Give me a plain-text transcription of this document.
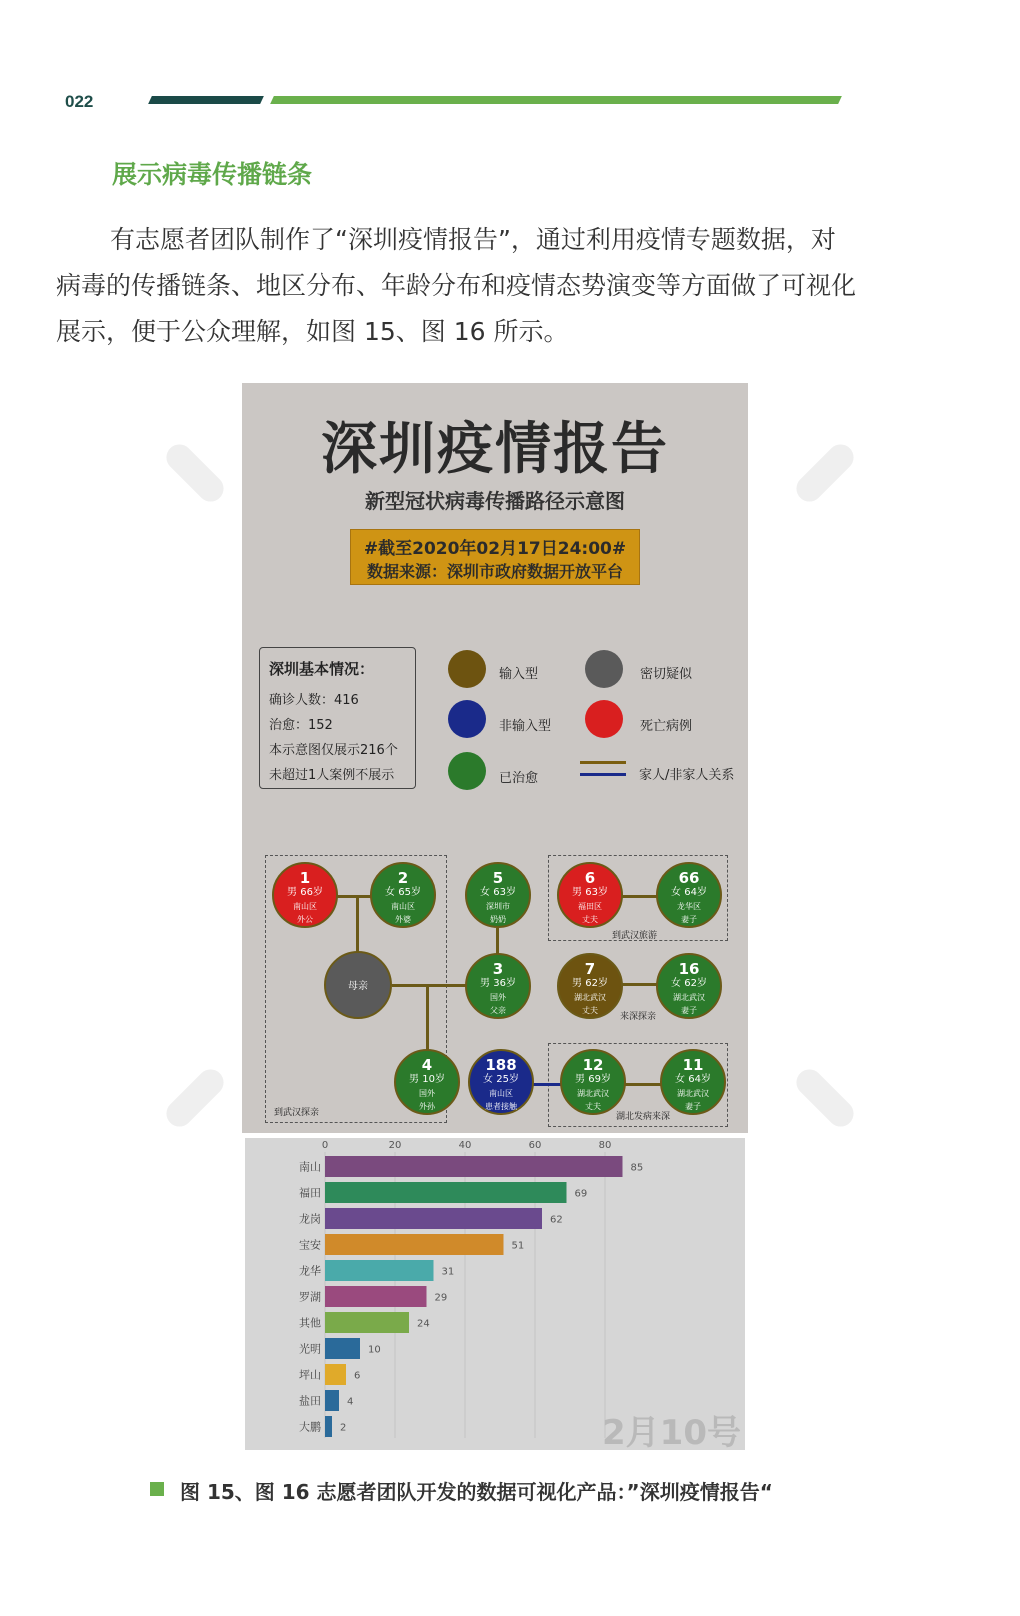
022
展示病毒传播链条
有志愿者团队制作了“深圳疫情报告”，通过利用疫情专题数据，对
病毒的传播链条、地区分布、年龄分布和疫情态势演变等方面做了可视化
展示，便于公众理解，如图 15、图 16 所示。
深圳疫情报告
新型冠状病毒传播路径示意图
#截至2020年02月17日24:00#
数据来源：深圳市政府数据开放平台
深圳基本情况：
确诊人数：416
治愈：152
本示意图仅展示216个
未超过1人案例不展示
输入型	密切疑似
非输入型	死亡病例
已治愈	家人/非家人关系
1
男 66岁
南山区
外公
2
女 65岁
南山区
外婆
5
女 63岁
深圳市
奶奶
6
男 63岁
福田区
丈夫
66
女 64岁
龙华区
妻子
到武汉旅游
母亲
3
男 36岁
国外
父亲
7
男 62岁
湖北武汉
丈夫
16
女 62岁
湖北武汉
妻子
来深探亲
4
男 10岁
国外
外孙
188
女 25岁
南山区
患者接触
12
男 69岁
湖北武汉
丈夫
11
女 64岁
湖北武汉
妻子
到武汉探亲	湖北发病来深
0	20	40	60	80
南山	85
福田	69
龙岗	62
宝安	51
龙华	31
罗湖	29
其他	24
光明	10
坪山	6
盐田	4
大鹏 2	2月10号
图 15、图 16 志愿者团队开发的数据可视化产品：”深圳疫情报告“
